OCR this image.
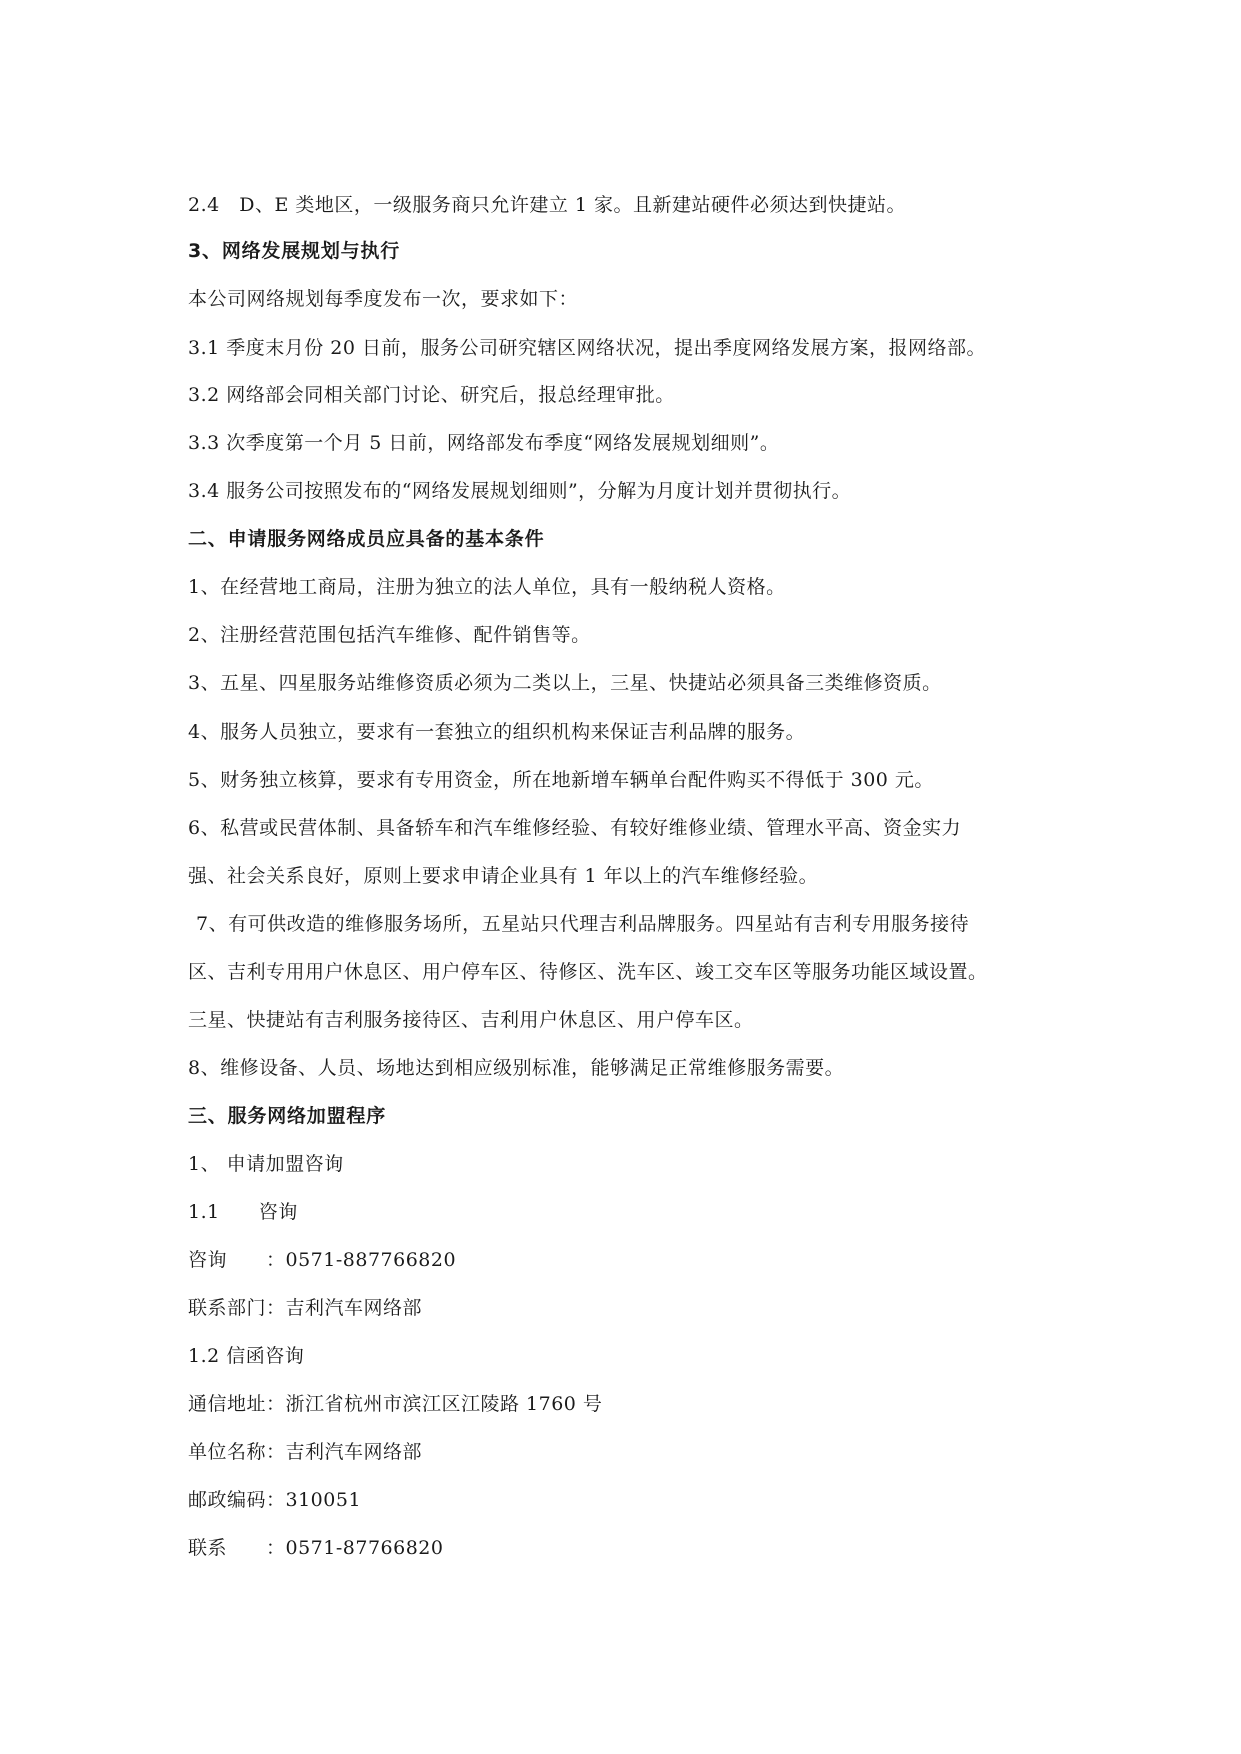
2.4　D、E 类地区，一级服务商只允许建立 1 家。且新建站硬件必须达到快捷站。
3、网络发展规划与执行
本公司网络规划每季度发布一次，要求如下：
3.1 季度末月份 20 日前，服务公司研究辖区网络状况，提出季度网络发展方案，报网络部。
3.2 网络部会同相关部门讨论、研究后，报总经理审批。
3.3 次季度第一个月 5 日前，网络部发布季度“网络发展规划细则”。
3.4 服务公司按照发布的“网络发展规划细则”，分解为月度计划并贯彻执行。
二、申请服务网络成员应具备的基本条件
1、在经营地工商局，注册为独立的法人单位，具有一般纳税人资格。
2、注册经营范围包括汽车维修、配件销售等。
3、五星、四星服务站维修资质必须为二类以上，三星、快捷站必须具备三类维修资质。
4、服务人员独立，要求有一套独立的组织机构来保证吉利品牌的服务。
5、财务独立核算，要求有专用资金，所在地新增车辆单台配件购买不得低于 300 元。
6、私营或民营体制、具备轿车和汽车维修经验、有较好维修业绩、管理水平高、资金实力
强、社会关系良好，原则上要求申请企业具有 1 年以上的汽车维修经验。
7、有可供改造的维修服务场所，五星站只代理吉利品牌服务。四星站有吉利专用服务接待
区、吉利专用用户休息区、用户停车区、待修区、洗车区、竣工交车区等服务功能区域设置。
三星、快捷站有吉利服务接待区、吉利用户休息区、用户停车区。
8、维修设备、人员、场地达到相应级别标准，能够满足正常维修服务需要。
三、服务网络加盟程序
1、 申请加盟咨询
1.1　　咨询
咨询　　：0571-887766820
联系部门：吉利汽车网络部
1.2 信函咨询
通信地址：浙江省杭州市滨江区江陵路 1760 号
单位名称：吉利汽车网络部
邮政编码：310051
联系　　：0571-87766820
